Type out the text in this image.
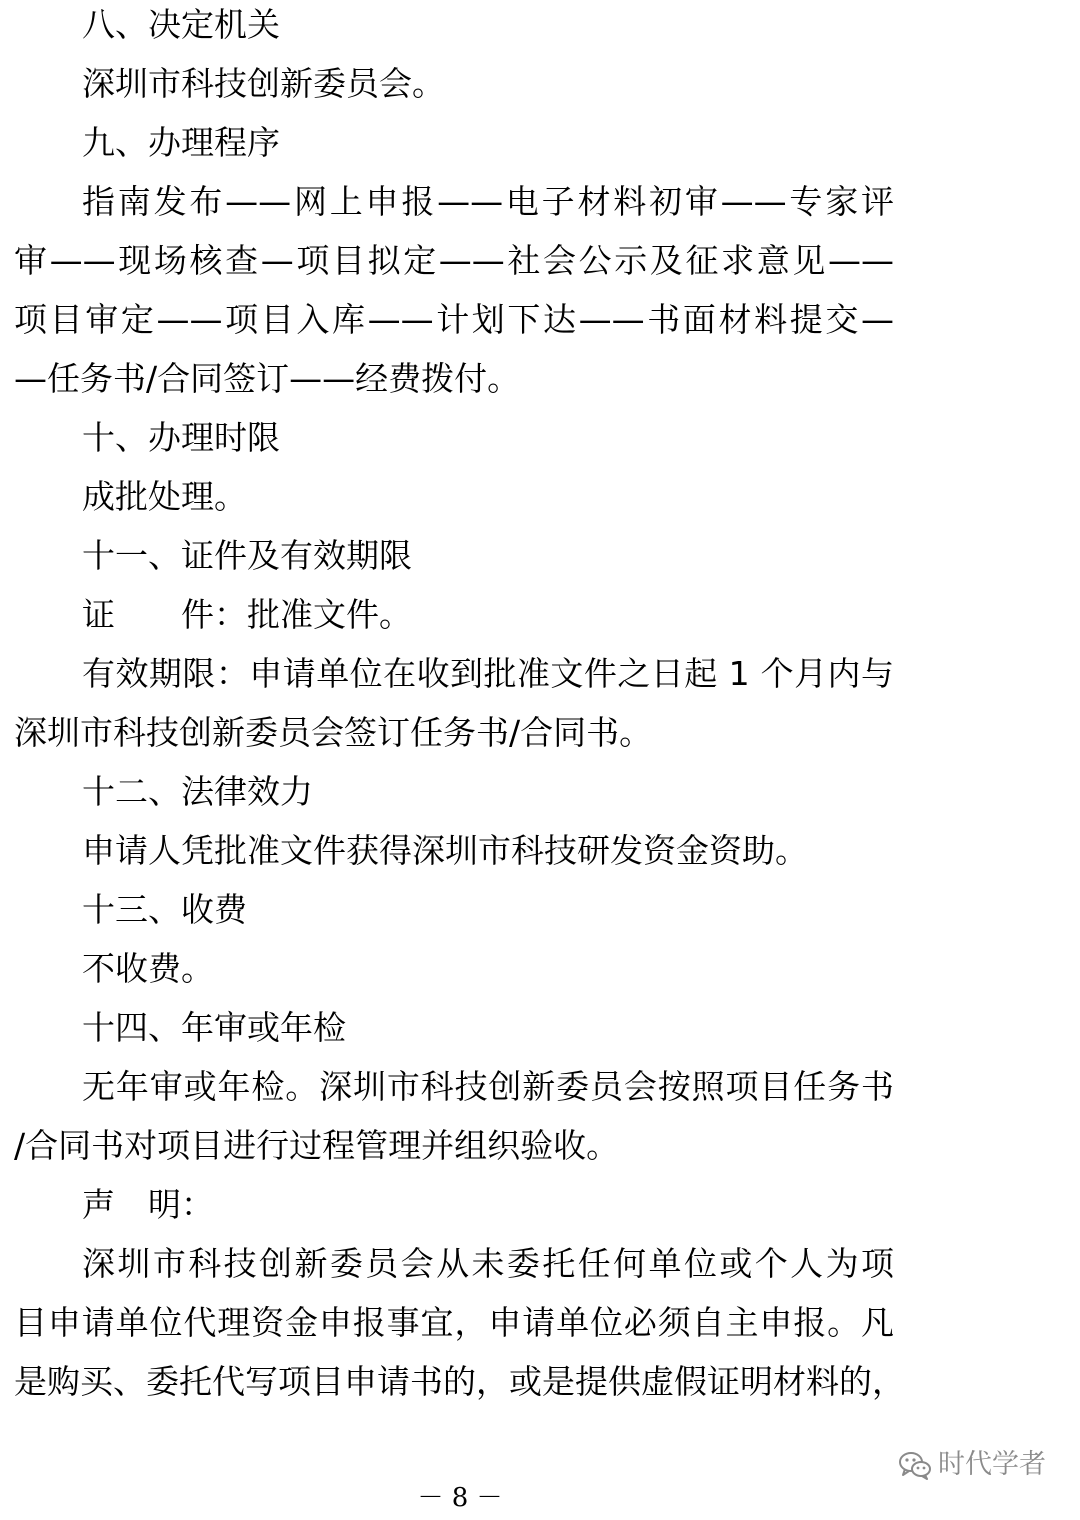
八、决定机关
深圳市科技创新委员会。
九、办理程序
指南发布——网上申报——电子材料初审——专家评
审——现场核查—项目拟定——社会公示及征求意见——
项目审定——项目入库——计划下达——书面材料提交—
—任务书/合同签订——经费拨付。
十、办理时限
成批处理。
十一、证件及有效期限
证　　件：批准文件。
有效期限：申请单位在收到批准文件之日起 1 个月内与
深圳市科技创新委员会签订任务书/合同书。
十二、法律效力
申请人凭批准文件获得深圳市科技研发资金资助。
十三、收费
不收费。
十四、年审或年检
无年审或年检。深圳市科技创新委员会按照项目任务书
/合同书对项目进行过程管理并组织验收。
声　明：
深圳市科技创新委员会从未委托任何单位或个人为项
目申请单位代理资金申报事宜，申请单位必须自主申报。凡
是购买、委托代写项目申请书的，或是提供虚假证明材料的，
－ 8 －
时代学者
